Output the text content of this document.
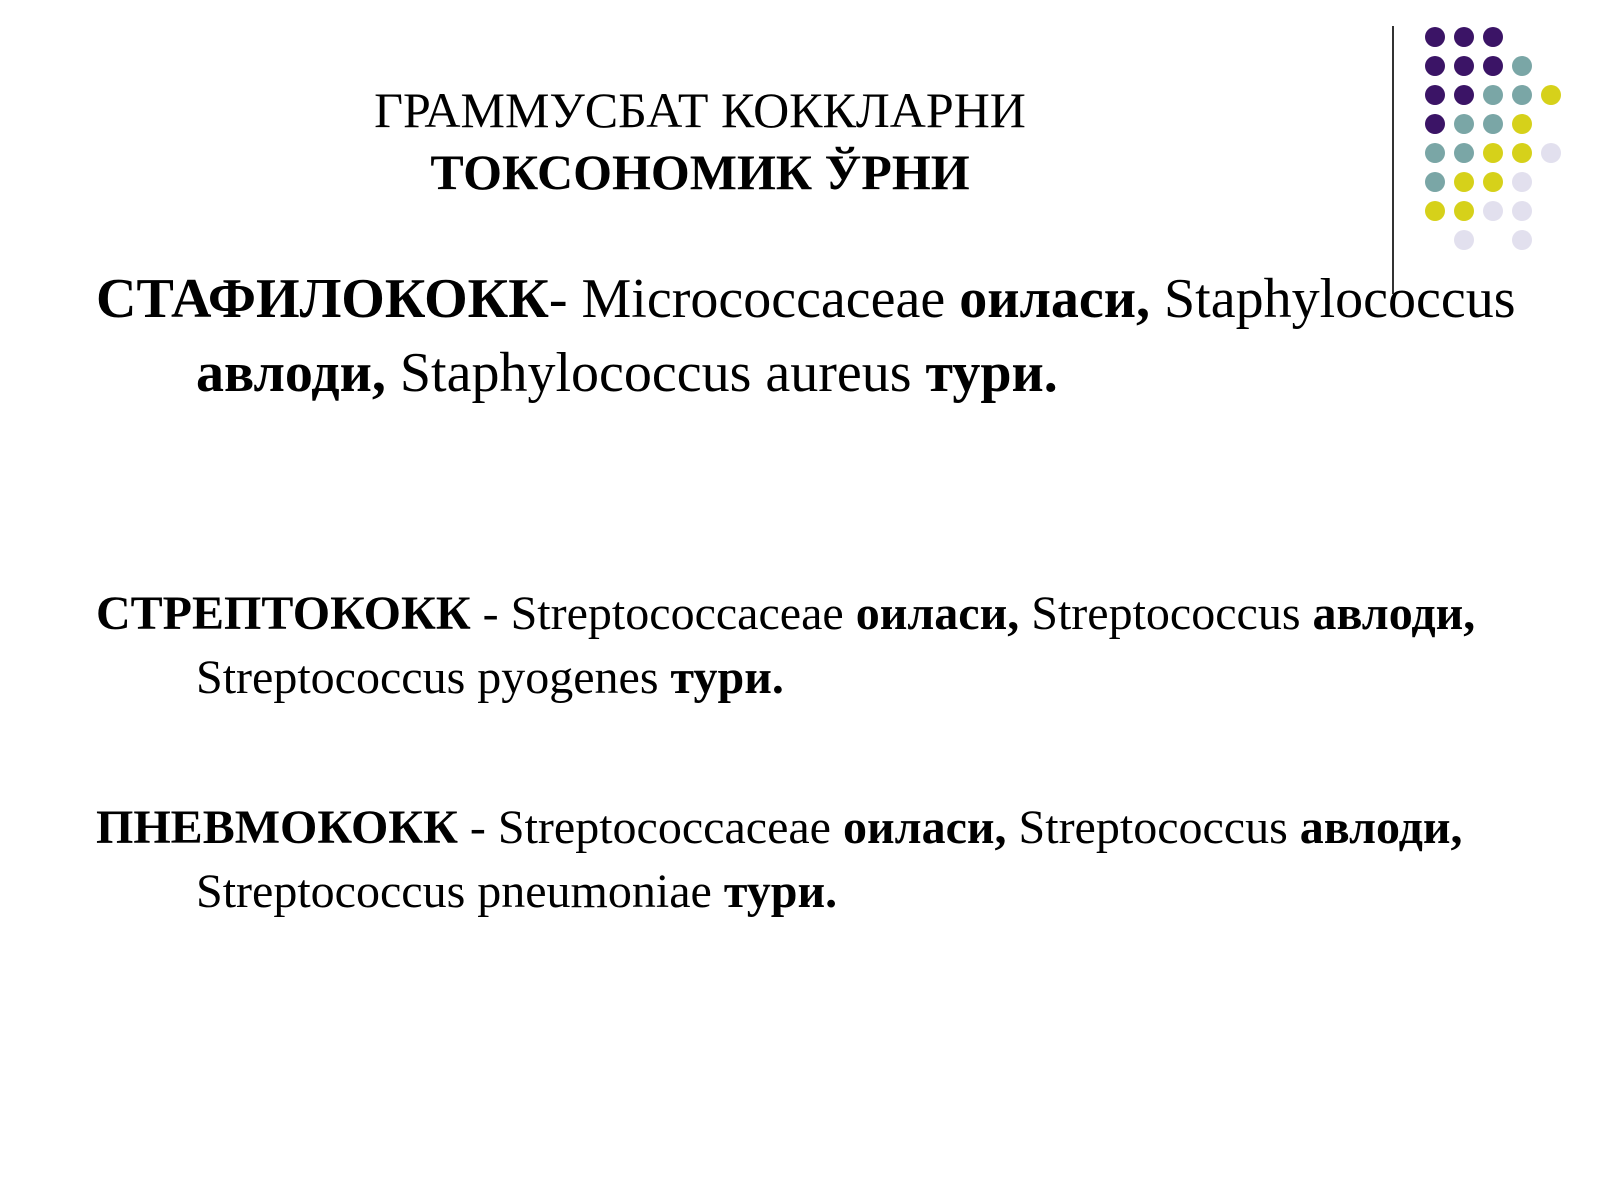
ГРАММУСБАТ КОККЛАРНИ
ТОКСОНОМИК ЎРНИ
СТАФИЛОКОКК- Micrococcaceae оиласи, Staphylococcus авлоди, Staphylococcus aureus тури.
СТРЕПТОКОКК - Streptococcaceae оиласи, Streptococcus авлоди, Streptococcus pyogenes тури.
ПНЕВМОКОКК - Streptococcaceae оиласи, Streptococcus авлоди, Streptococcus pneumoniae тури.
